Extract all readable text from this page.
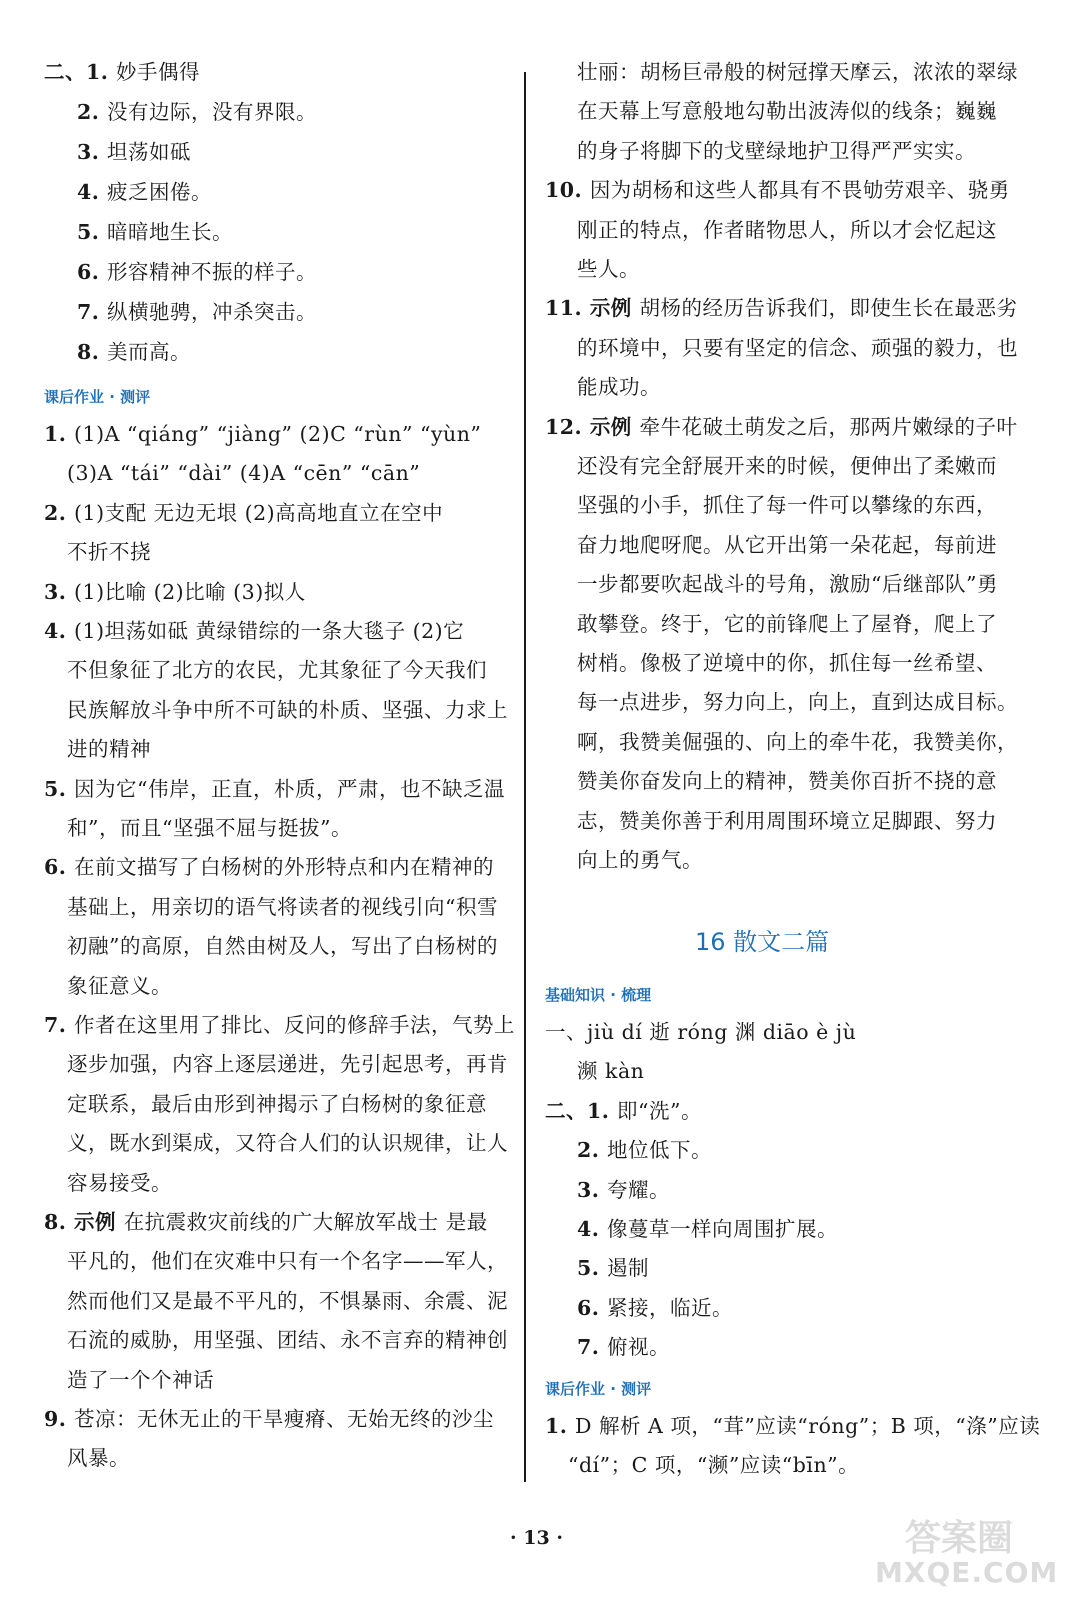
二、1. 妙手偶得
2. 没有边际，没有界限。
3. 坦荡如砥
4. 疲乏困倦。
5. 暗暗地生长。
6. 形容精神不振的样子。
7. 纵横驰骋，冲杀突击。
8. 美而高。
课后作业 · 测评
1. (1)A “qiáng” “jiàng” (2)C “rùn” “yùn”
(3)A “tái” “dài” (4)A “cēn” “cān”
2. (1)支配 无边无垠 (2)高高地直立在空中
不折不挠
3. (1)比喻 (2)比喻 (3)拟人
4. (1)坦荡如砥 黄绿错综的一条大毯子 (2)它
不但象征了北方的农民，尤其象征了今天我们
民族解放斗争中所不可缺的朴质、坚强、力求上
进的精神
5. 因为它“伟岸，正直，朴质，严肃，也不缺乏温
和”，而且“坚强不屈与挺拔”。
6. 在前文描写了白杨树的外形特点和内在精神的
基础上，用亲切的语气将读者的视线引向“积雪
初融”的高原，自然由树及人，写出了白杨树的
象征意义。
7. 作者在这里用了排比、反问的修辞手法，气势上
逐步加强，内容上逐层递进，先引起思考，再肯
定联系，最后由形到神揭示了白杨树的象征意
义，既水到渠成，又符合人们的认识规律，让人
容易接受。
8. 示例 在抗震救灾前线的广大解放军战士 是最
平凡的，他们在灾难中只有一个名字——军人，
然而他们又是最不平凡的，不惧暴雨、余震、泥
石流的威胁，用坚强、团结、永不言弃的精神创
造了一个个神话
9. 苍凉：无休无止的干旱瘦瘠、无始无终的沙尘
风暴。
壮丽：胡杨巨帚般的树冠撑天摩云，浓浓的翠绿
在天幕上写意般地勾勒出波涛似的线条；巍巍
的身子将脚下的戈壁绿地护卫得严严实实。
10. 因为胡杨和这些人都具有不畏劬劳艰辛、骁勇
刚正的特点，作者睹物思人，所以才会忆起这
些人。
11. 示例 胡杨的经历告诉我们，即使生长在最恶劣
的环境中，只要有坚定的信念、顽强的毅力，也
能成功。
12. 示例 牵牛花破土萌发之后，那两片嫩绿的子叶
还没有完全舒展开来的时候，便伸出了柔嫩而
坚强的小手，抓住了每一件可以攀缘的东西，
奋力地爬呀爬。从它开出第一朵花起，每前进
一步都要吹起战斗的号角，激励“后继部队”勇
敢攀登。终于，它的前锋爬上了屋脊，爬上了
树梢。像极了逆境中的你，抓住每一丝希望、
每一点进步，努力向上，向上，直到达成目标。
啊，我赞美倔强的、向上的牵牛花，我赞美你，
赞美你奋发向上的精神，赞美你百折不挠的意
志，赞美你善于利用周围环境立足脚跟、努力
向上的勇气。
16 散文二篇
基础知识 · 梳理
一、jiù dí 逝 róng 渊 diāo è jù
濒 kàn
二、1. 即“洗”。
2. 地位低下。
3. 夸耀。
4. 像蔓草一样向周围扩展。
5. 遏制
6. 紧接，临近。
7. 俯视。
课后作业 · 测评
1. D 解析 A 项，“茸”应读“róng”；B 项，“涤”应读
“dí”；C 项，“濒”应读“bīn”。
· 13 ·	答案圈
MXQE.COM
